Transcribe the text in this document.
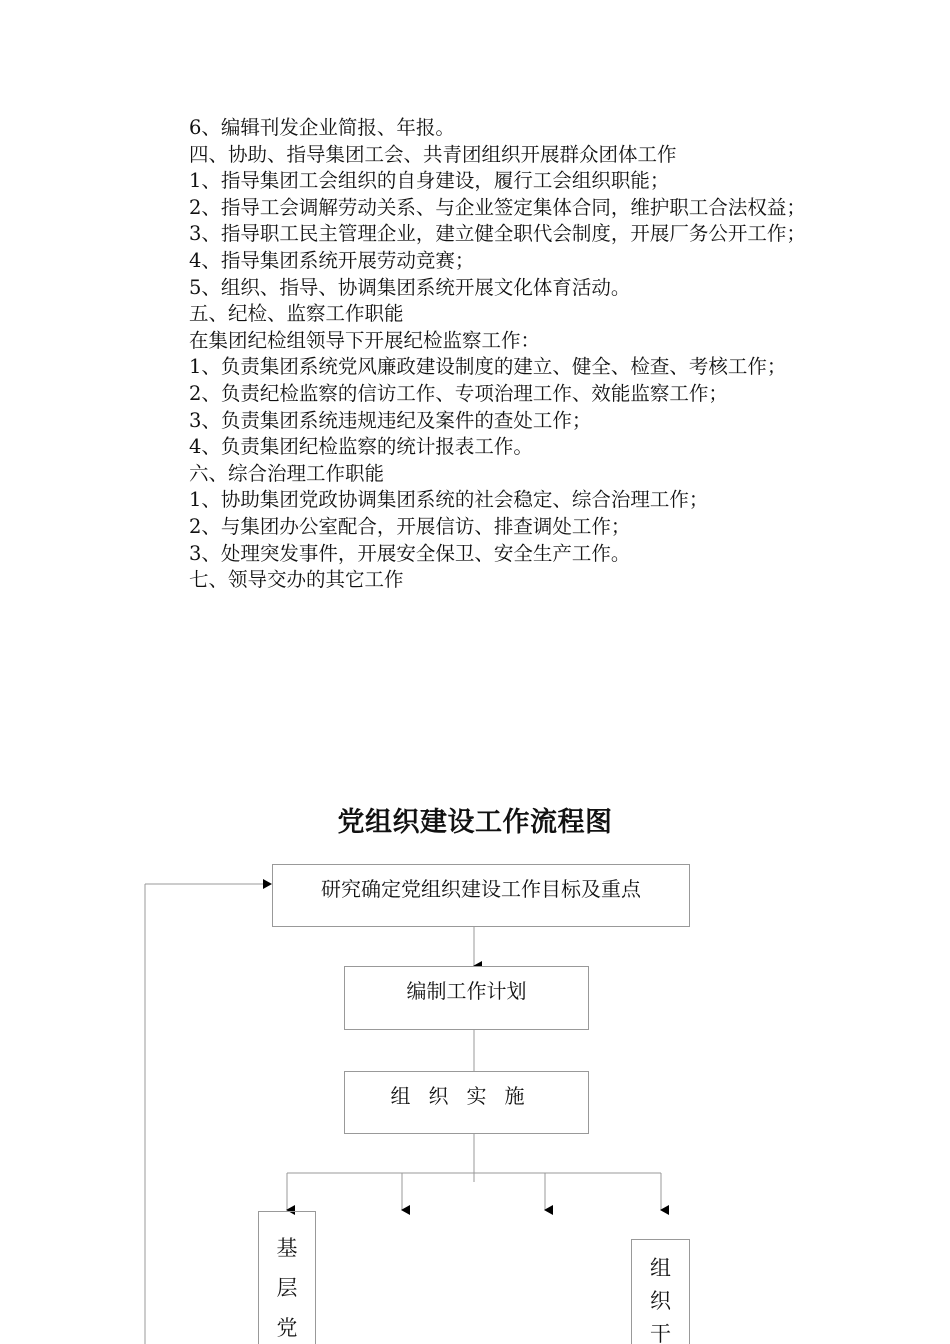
6、编辑刊发企业简报、年报。

四、协助、指导集团工会、共青团组织开展群众团体工作

1、指导集团工会组织的自身建设，履行工会组织职能；

2、指导工会调解劳动关系、与企业签定集体合同，维护职工合法权益；

3、指导职工民主管理企业，建立健全职代会制度，开展厂务公开工作；

4、指导集团系统开展劳动竞赛；

5、组织、指导、协调集团系统开展文化体育活动。

五、纪检、监察工作职能

在集团纪检组领导下开展纪检监察工作：

1、负责集团系统党风廉政建设制度的建立、健全、检查、考核工作；

2、负责纪检监察的信访工作、专项治理工作、效能监察工作；

3、负责集团系统违规违纪及案件的查处工作；

4、负责集团纪检监察的统计报表工作。

六、综合治理工作职能

1、协助集团党政协调集团系统的社会稳定、综合治理工作；

2、与集团办公室配合，开展信访、排查调处工作；

3、处理突发事件，开展安全保卫、安全生产工作。

七、领导交办的其它工作

党组织建设工作流程图
研究确定党组织建设工作目标及重点
编制工作计划
组织实施
基
层
党
组
织
干
